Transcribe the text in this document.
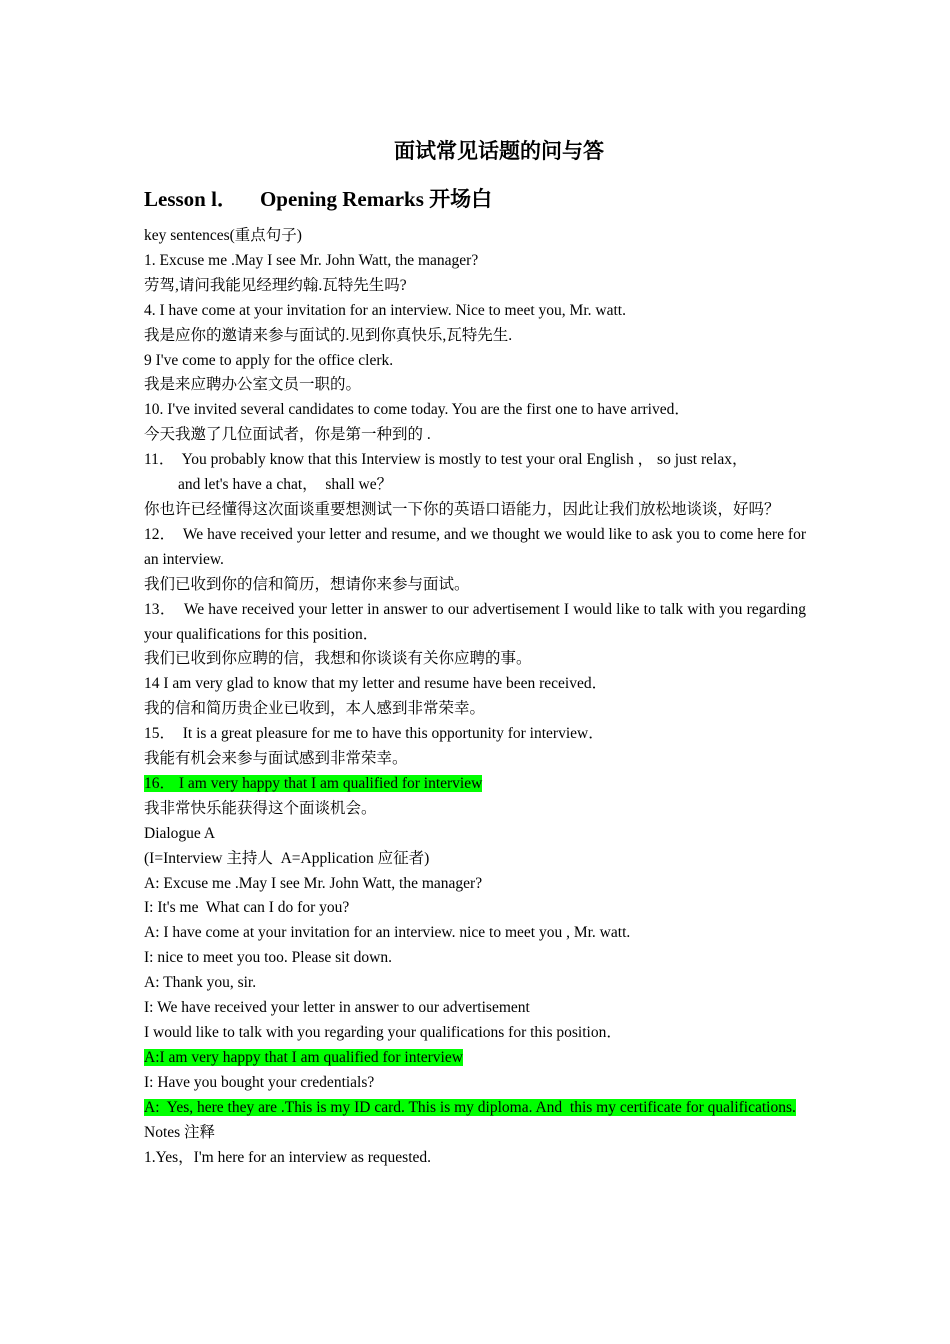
面试常见话题的问与答
Lesson l． Opening Remarks 开场白
key sentences(重点句子)
1. Excuse me .May I see Mr. John Watt, the manager?
劳驾,请问我能见经理约翰.瓦特先生吗?
4. I have come at your invitation for an interview. Nice to meet you, Mr. watt.
我是应你的邀请来参与面试的.见到你真快乐,瓦特先生.
9 I've come to apply for the office clerk.
我是来应聘办公室文员一职的。
10. I've invited several candidates to come today. You are the first one to have arrived．
今天我邀了几位面试者，你是第一种到的 .
11．  You probably know that this Interview is mostly to test your oral English ， so just relax，
and let's have a chat，  shall we？
你也许已经懂得这次面谈重要想测试一下你的英语口语能力，因此让我们放松地谈谈，好吗？
12．  We have received your letter and resume, and we thought we would like to ask you to come here for an interview.
我们已收到你的信和简历，想请你来参与面试。
13．  We have received your letter in answer to our advertisement I would like to talk with you regarding your qualifications for this position．
我们已收到你应聘的信，我想和你谈谈有关你应聘的事。
14 I am very glad to know that my letter and resume have been received．
我的信和简历贵企业已收到，本人感到非常荣幸。
15．  It is a great pleasure for me to have this opportunity for interview．
我能有机会来参与面试感到非常荣幸。
16． I am very happy that I am qualified for interview
我非常快乐能获得这个面谈机会。
Dialogue A
(I=Interview 主持人  A=Application 应征者)
A: Excuse me .May I see Mr. John Watt, the manager?
I: It's me  What can I do for you?
A: I have come at your invitation for an interview. nice to meet you , Mr. watt.
I: nice to meet you too. Please sit down.
A: Thank you, sir.
I: We have received your letter in answer to our advertisement
I would like to talk with you regarding your qualifications for this position．
A:I am very happy that I am qualified for interview
I: Have you bought your credentials?
A:  Yes, here they are .This is my ID card. This is my diploma. And  this my certificate for qualifications.
Notes 注释
1.Yes，I'm here for an interview as requested.
